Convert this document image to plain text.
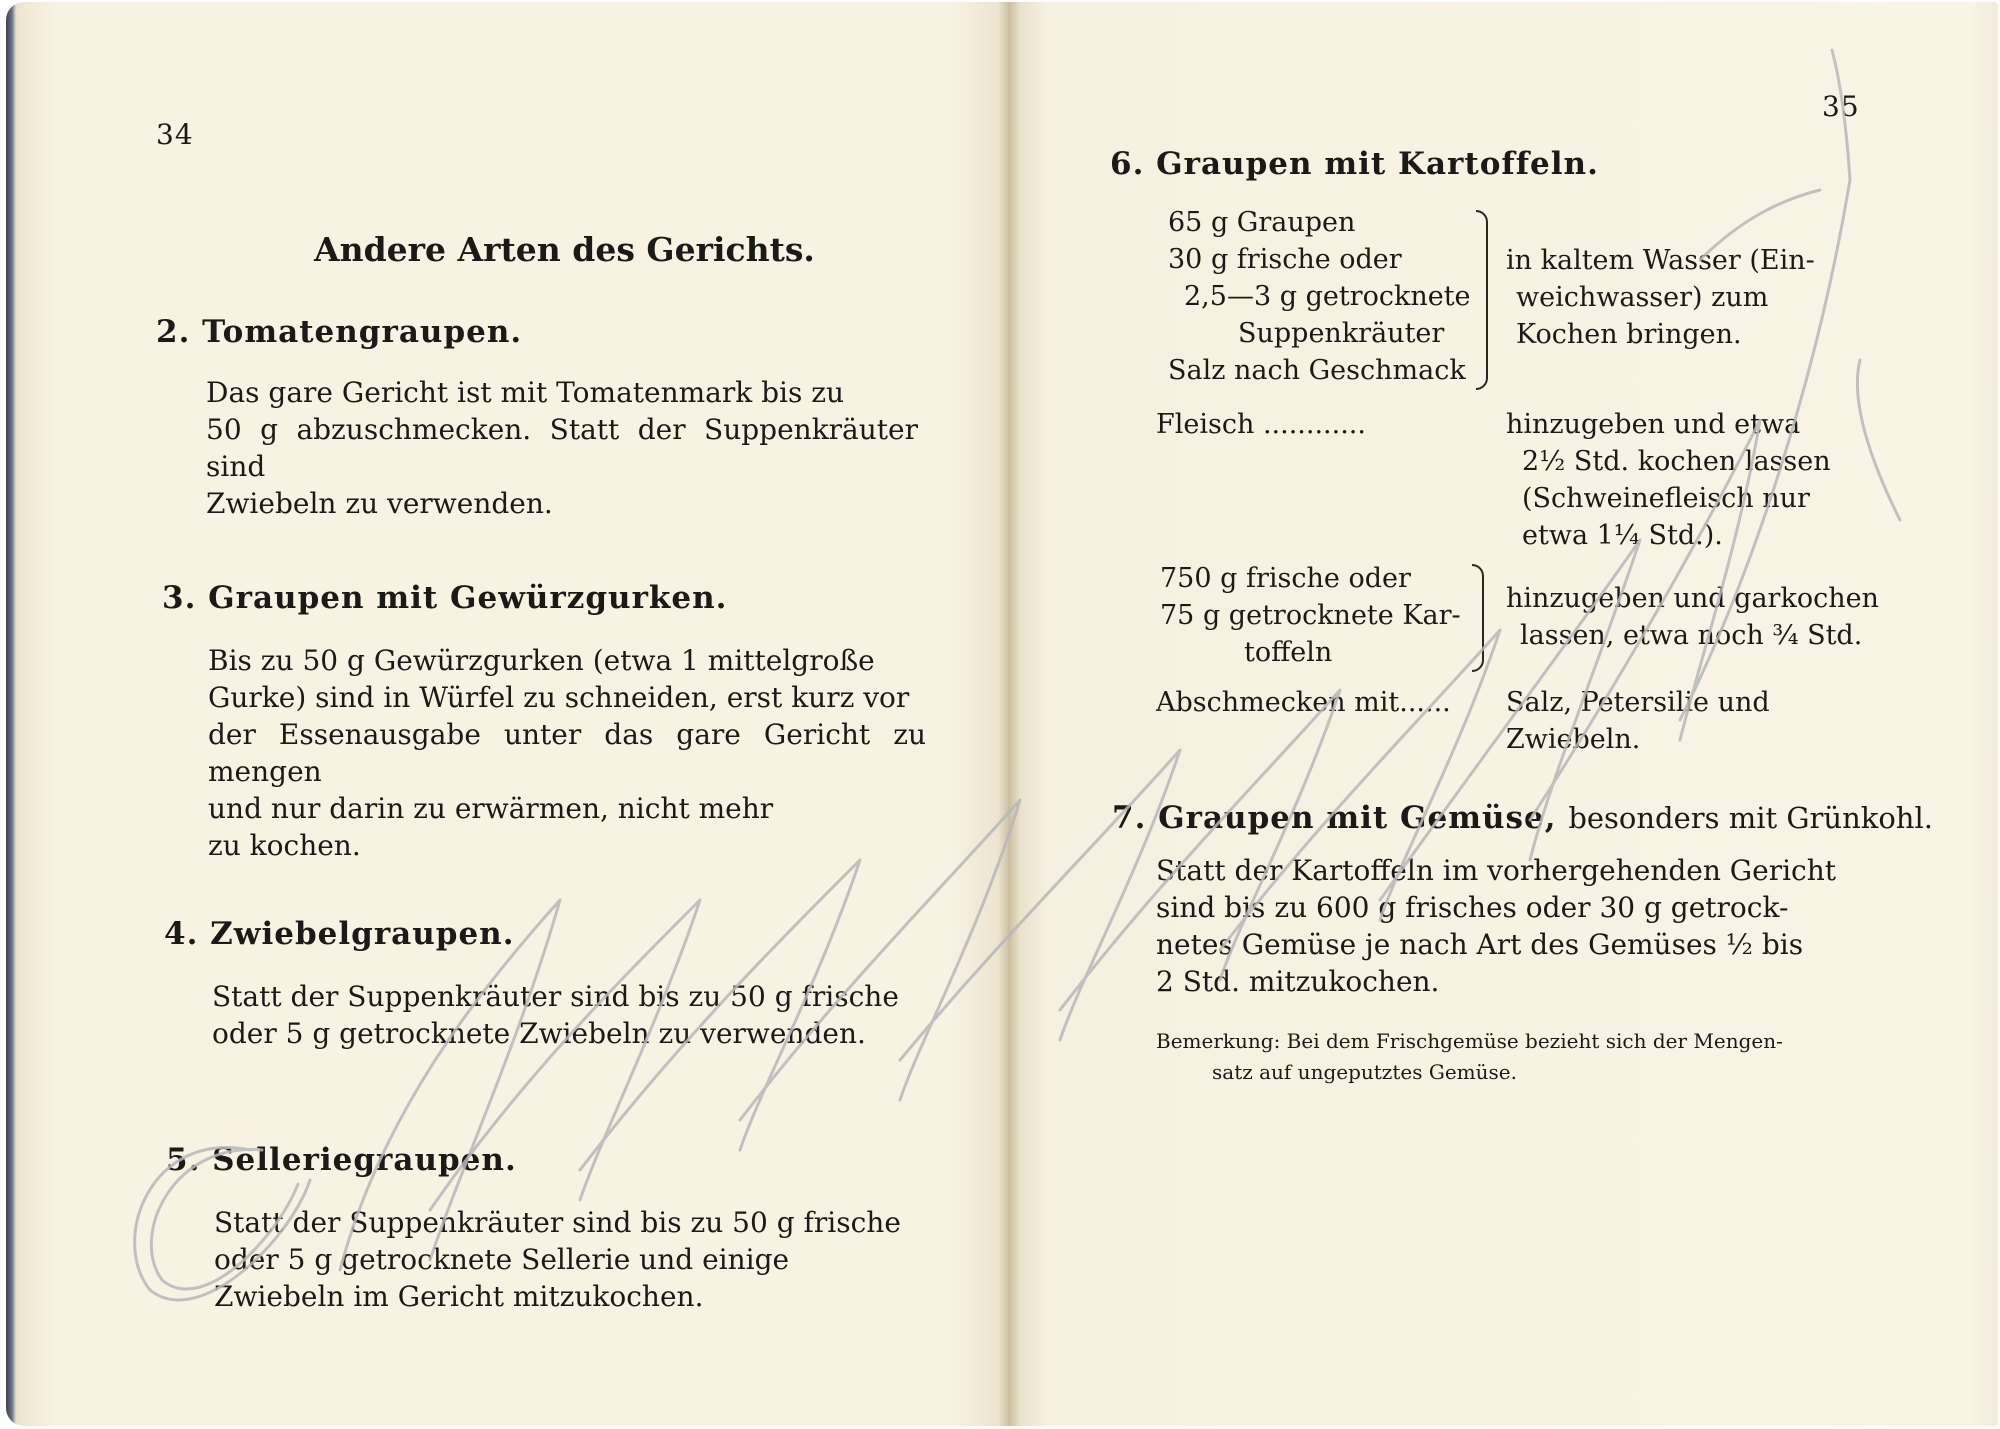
34
Andere Arten des Gerichts.
2. Tomatengraupen.
Das gare Gericht ist mit Tomatenmark bis zu
50 g abzuschmecken. Statt der Suppenkräuter sind
Zwiebeln zu verwenden.
3. Graupen mit Gewürzgurken.
Bis zu 50 g Gewürzgurken (etwa 1 mittelgroße
Gurke) sind in Würfel zu schneiden, erst kurz vor
der Essenausgabe unter das gare Gericht zu mengen
und nur darin zu erwärmen, nicht mehr
zu kochen.
4. Zwiebelgraupen.
Statt der Suppenkräuter sind bis zu 50 g frische
oder 5 g getrocknete Zwiebeln zu verwenden.
5. Selleriegraupen.
Statt der Suppenkräuter sind bis zu 50 g frische
oder 5 g getrocknete Sellerie und einige
Zwiebeln im Gericht mitzukochen.
35
6. Graupen mit Kartoffeln.
65 g Graupen
30 g frische oder
2,5—3 g getrocknete
Suppenkräuter
Salz nach Geschmack
in kaltem Wasser (Ein-
weichwasser) zum
Kochen bringen.
Fleisch ............	hinzugeben und etwa
2½ Std. kochen lassen
(Schweinefleisch nur
etwa 1¼ Std.).
750 g frische oder
75 g getrocknete Kar-
toffeln
hinzugeben und garkochen
lassen, etwa noch ¾ Std.
Abschmecken mit...... Salz, Petersilie und
Zwiebeln.
7. Graupen mit Gemüse, besonders mit Grünkohl.
Statt der Kartoffeln im vorhergehenden Gericht
sind bis zu 600 g frisches oder 30 g getrock-
netes Gemüse je nach Art des Gemüses ½ bis
2 Std. mitzukochen.
Bemerkung: Bei dem Frischgemüse bezieht sich der Mengen-
satz auf ungeputztes Gemüse.
